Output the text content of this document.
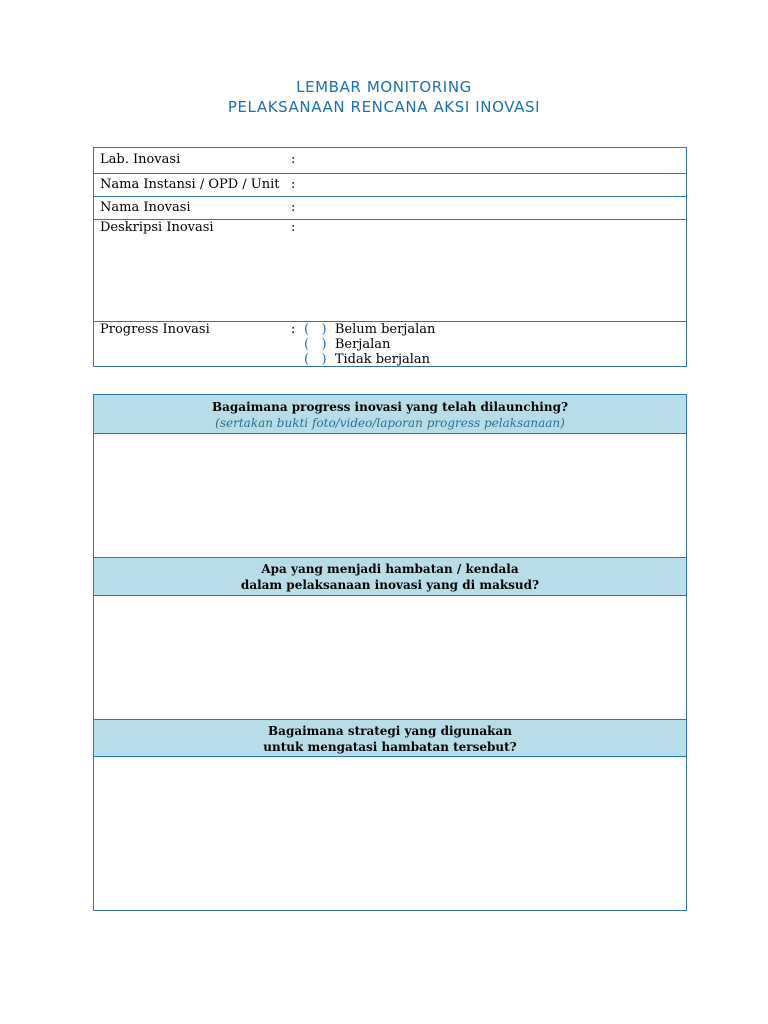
LEMBAR MONITORING
PELAKSANAAN RENCANA AKSI INOVASI
Lab. Inovasi	:
Nama Instansi / OPD / Unit :
Nama Inovasi	:
Deskripsi Inovasi	:
Progress Inovasi	: ( ) Belum berjalan
( ) Berjalan
( ) Tidak berjalan
Bagaimana progress inovasi yang telah dilaunching?
(sertakan bukti foto/video/laporan progress pelaksanaan)
Apa yang menjadi hambatan / kendala
dalam pelaksanaan inovasi yang di maksud?
Bagaimana strategi yang digunakan
untuk mengatasi hambatan tersebut?
